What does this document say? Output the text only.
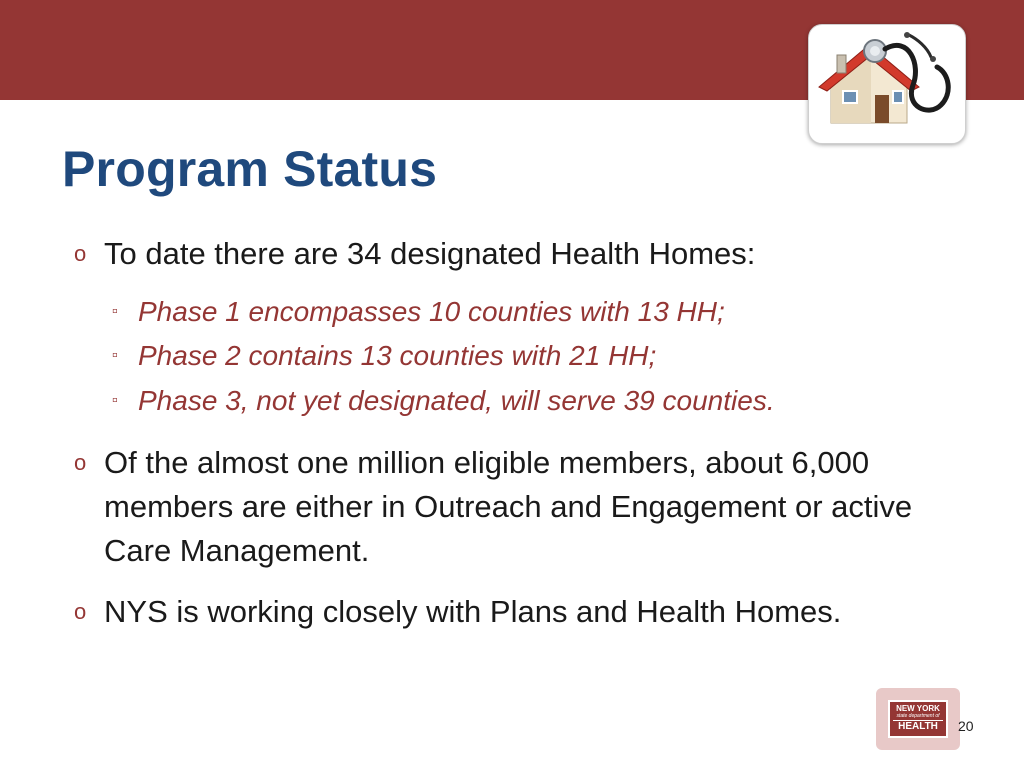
Program Status

o To date there are 34 designated Health Homes:

▫ Phase 1 encompasses 10 counties with 13 HH;

▫ Phase 2 contains 13 counties with 21 HH;

▫ Phase 3, not yet designated, will serve 39 counties.

o Of the almost one million eligible members, about 6,000 members are either in Outreach and Engagement or active Care Management.

o NYS is working closely with Plans and Health Homes.

NEW YORK
state department of
HEALTH	20
